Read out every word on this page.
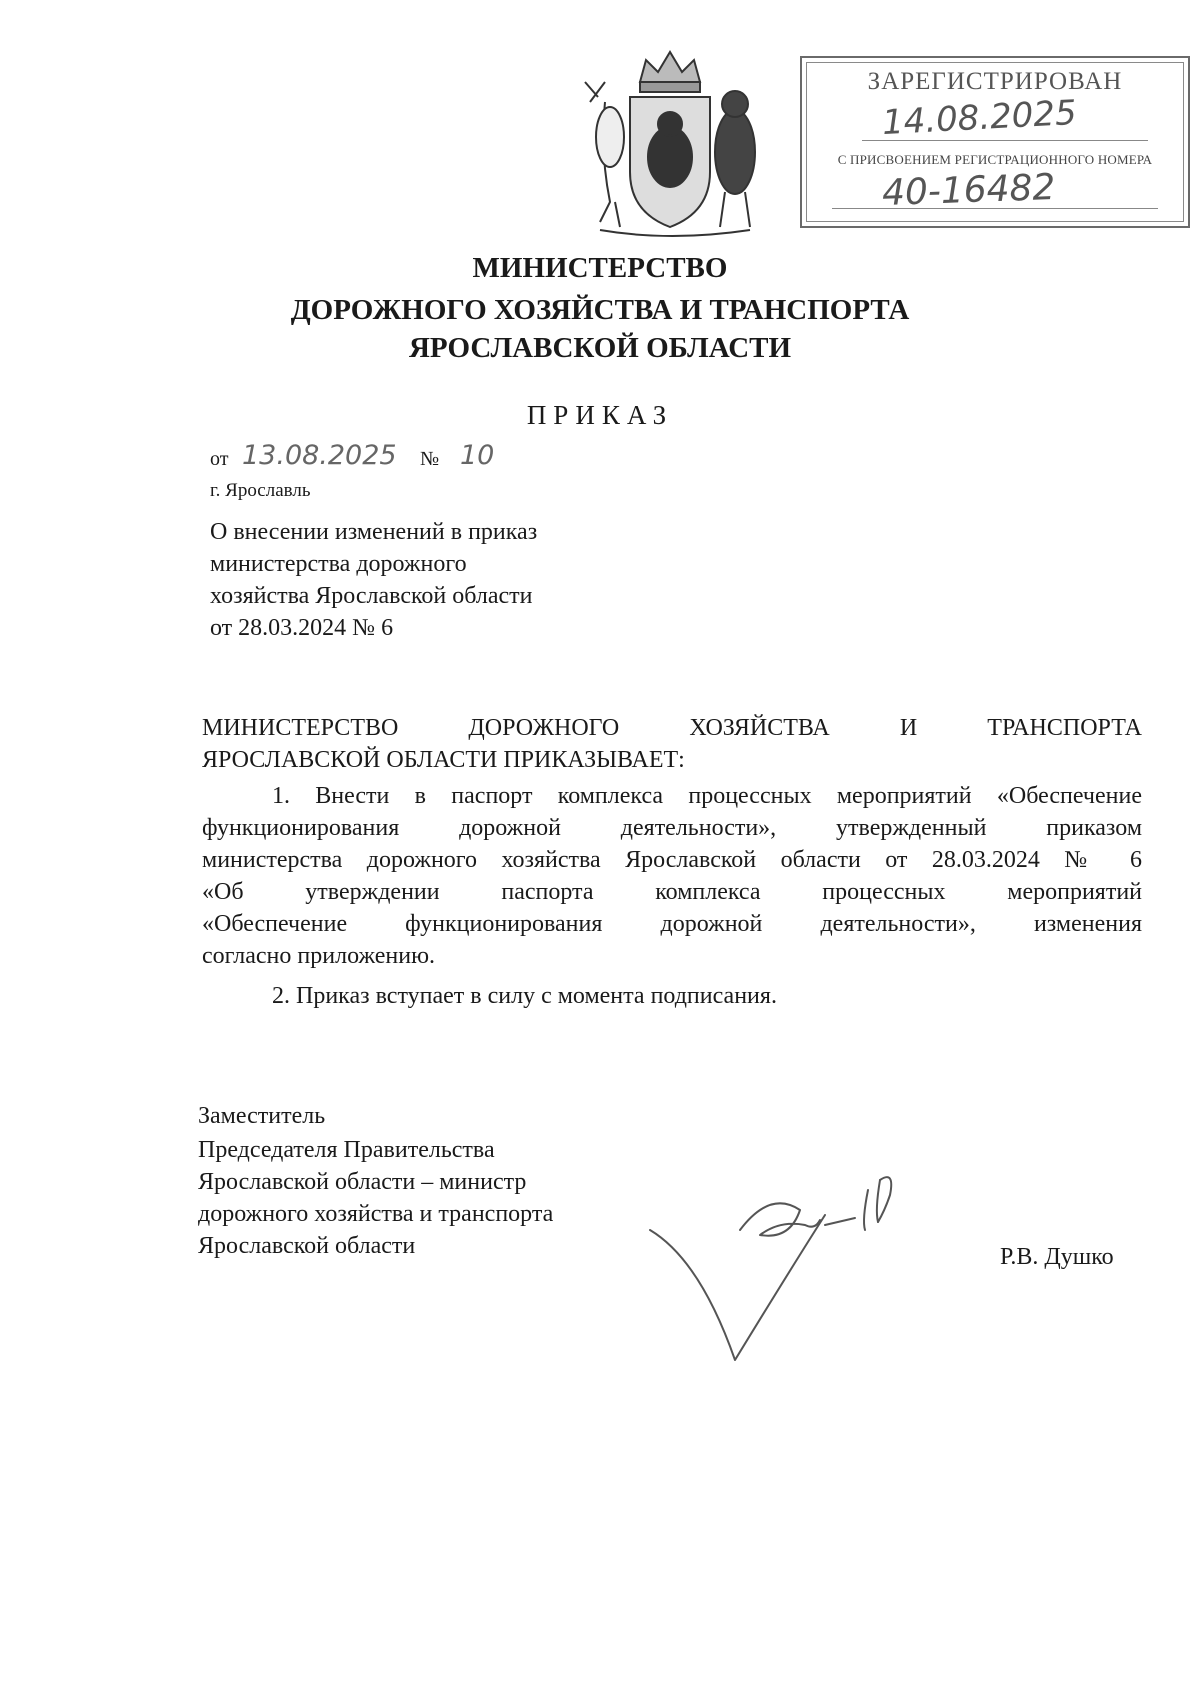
ЗАРЕГИСТРИРОВАН
14.08.2025
С ПРИСВОЕНИЕМ РЕГИСТРАЦИОННОГО НОМЕРА
40-16482
МИНИСТЕРСТВО
ДОРОЖНОГО ХОЗЯЙСТВА И ТРАНСПОРТА
ЯРОСЛАВСКОЙ ОБЛАСТИ
ПРИКАЗ
от 13.08.2025 № 10
г. Ярославль
О внесении изменений в приказ
министерства дорожного
хозяйства Ярославской области
от 28.03.2024 № 6
МИНИСТЕРСТВО ДОРОЖНОГО ХОЗЯЙСТВА И ТРАНСПОРТА
ЯРОСЛАВСКОЙ ОБЛАСТИ ПРИКАЗЫВАЕТ:
1. Внести в паспорт комплекса процессных мероприятий «Обеспечение
функционирования дорожной деятельности», утвержденный приказом
министерства дорожного хозяйства Ярославской области от 28.03.2024 № 6
«Об утверждении паспорта комплекса процессных мероприятий
«Обеспечение функционирования дорожной деятельности», изменения
согласно приложению.
2. Приказ вступает в силу с момента подписания.
Заместитель
Председателя Правительства
Ярославской области – министр
дорожного хозяйства и транспорта
Ярославской области	Р.В. Душко
